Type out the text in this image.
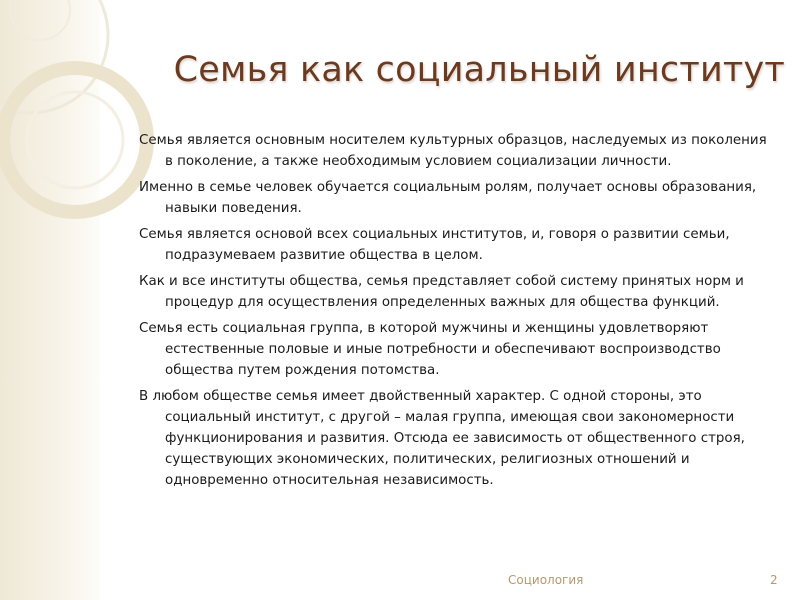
Семья как социальный институт

Семья является основным носителем культурных образцов, наследуемых из поколения в поколение, а также необходимым условием социализации личности.

Именно в семье человек обучается социальным ролям, получает основы образования, навыки поведения.

Семья является основой всех социальных институтов, и, говоря о развитии семьи, подразумеваем развитие общества в целом.

Как и все институты общества, семья представляет собой систему принятых норм и процедур для осуществления определенных важных для общества функций.

Семья есть социальная группа, в которой мужчины и женщины удовлетворяют естественные половые и иные потребности и обеспечивают воспроизводство общества путем рождения потомства.

В любом обществе семья имеет двойственный характер. С одной стороны, это социальный институт, с другой – малая группа, имеющая свои закономерности функционирования и развития. Отсюда ее зависимость от общественного строя, существующих экономических, политических, религиозных отношений и одновременно относительная независимость.

Социология	2
